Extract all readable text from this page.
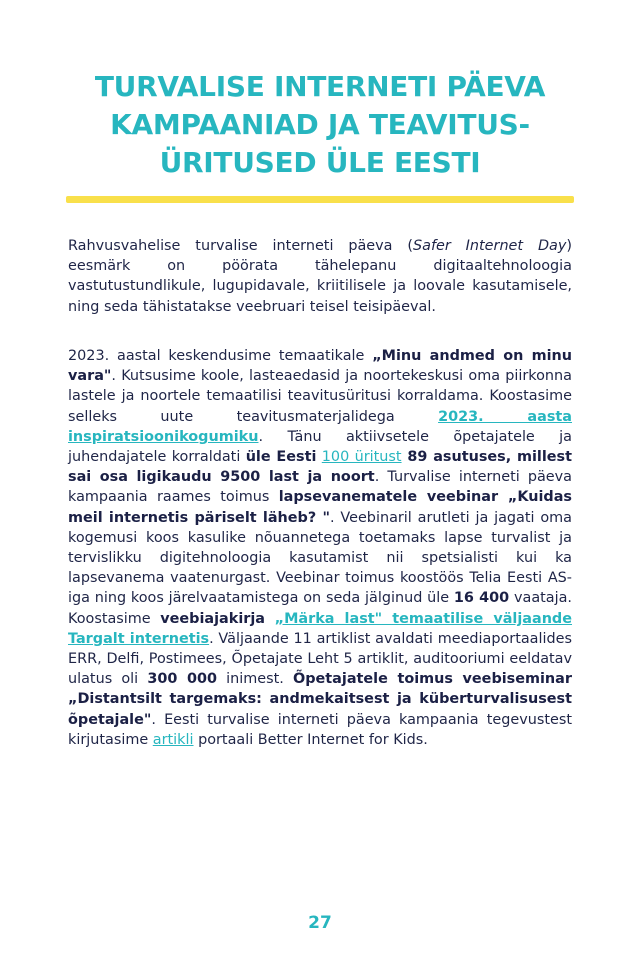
TURVALISE INTERNETI PÄEVA
KAMPAANIAD JA TEAVITUS-
ÜRITUSED ÜLE EESTI

Rahvusvahelise turvalise interneti päeva (Safer Internet Day) eesmärk on pöörata tähelepanu digitaaltehnoloogia vastutustundlikule, lugupidavale, kriitilisele ja loovale kasutamisele, ning seda tähistatakse veebruari teisel teisipäeval.

2023. aastal keskendusime temaatikale „Minu andmed on minu vara". Kutsusime koole, lasteaedasid ja noortekeskusi oma piirkonna lastele ja noortele temaatilisi teavitusüritusi korraldama. Koostasime selleks uute teavitusmaterjalidega 2023. aasta inspiratsioonikogumiku. Tänu aktiivsetele õpetajatele ja juhendajatele korraldati üle Eesti 100 üritust 89 asutuses, millest sai osa ligikaudu 9500 last ja noort. Turvalise interneti päeva kampaania raames toimus lapsevanematele veebinar „Kuidas meil internetis päriselt läheb? ". Veebinaril arutleti ja jagati oma kogemusi koos kasulike nõuannetega toetamaks lapse turvalist ja tervislikku digitehnoloogia kasutamist nii spetsialisti kui ka lapsevanema vaatenurgast. Veebinar toimus koostöös Telia Eesti AS-iga ning koos järelvaatamistega on seda jälginud üle 16 400 vaataja. Koostasime veebiajakirja „Märka last" temaatilise väljaande Targalt internetis. Väljaande 11 artiklist avaldati meediaportaalides ERR, Delfi, Postimees, Õpetajate Leht 5 artiklit, auditooriumi eeldatav ulatus oli 300 000 inimest. Õpetajatele toimus veebiseminar „Distantsilt targemaks: andmekaitsest ja küberturvalisusest õpetajale". Eesti turvalise interneti päeva kampaania tegevustest kirjutasime artikli portaali Better Internet for Kids.

27
